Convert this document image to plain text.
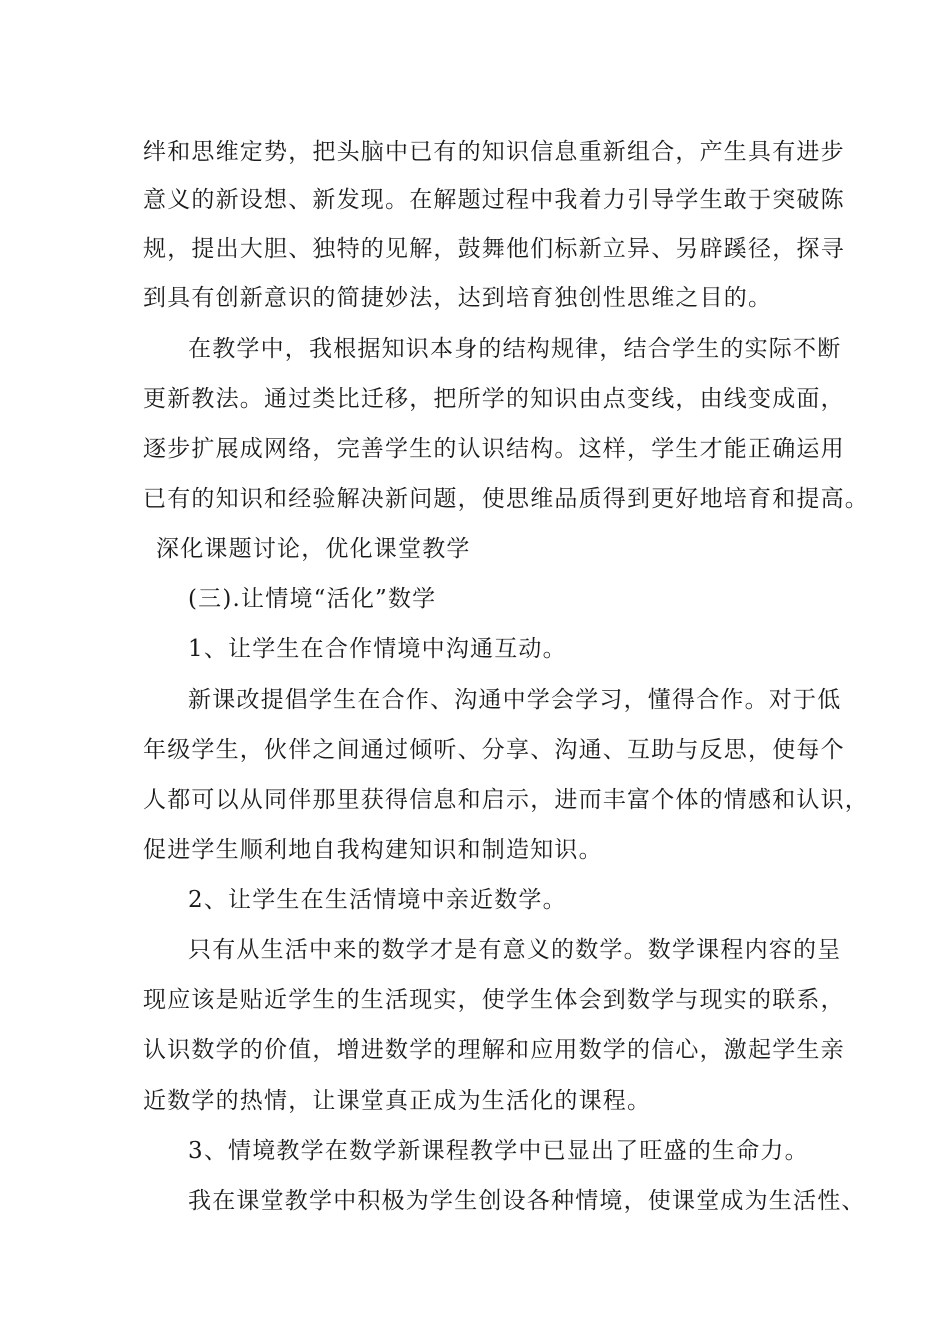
绊和思维定势，把头脑中已有的知识信息重新组合，产生具有进步
意义的新设想、新发现。在解题过程中我着力引导学生敢于突破陈
规，提出大胆、独特的见解，鼓舞他们标新立异、另辟蹊径，探寻
到具有创新意识的简捷妙法，达到培育独创性思维之目的。
在教学中，我根据知识本身的结构规律，结合学生的实际不断
更新教法。通过类比迁移，把所学的知识由点变线，由线变成面，
逐步扩展成网络，完善学生的认识结构。这样，学生才能正确运用
已有的知识和经验解决新问题，使思维品质得到更好地培育和提高。
深化课题讨论，优化课堂教学
(三).让情境“活化”数学
1、让学生在合作情境中沟通互动。
新课改提倡学生在合作、沟通中学会学习，懂得合作。对于低
年级学生，伙伴之间通过倾听、分享、沟通、互助与反思，使每个
人都可以从同伴那里获得信息和启示，进而丰富个体的情感和认识，
促进学生顺利地自我构建知识和制造知识。
2、让学生在生活情境中亲近数学。
只有从生活中来的数学才是有意义的数学。数学课程内容的呈
现应该是贴近学生的生活现实，使学生体会到数学与现实的联系，
认识数学的价值，增进数学的理解和应用数学的信心，激起学生亲
近数学的热情，让课堂真正成为生活化的课程。
3、情境教学在数学新课程教学中已显出了旺盛的生命力。
我在课堂教学中积极为学生创设各种情境，使课堂成为生活性、
